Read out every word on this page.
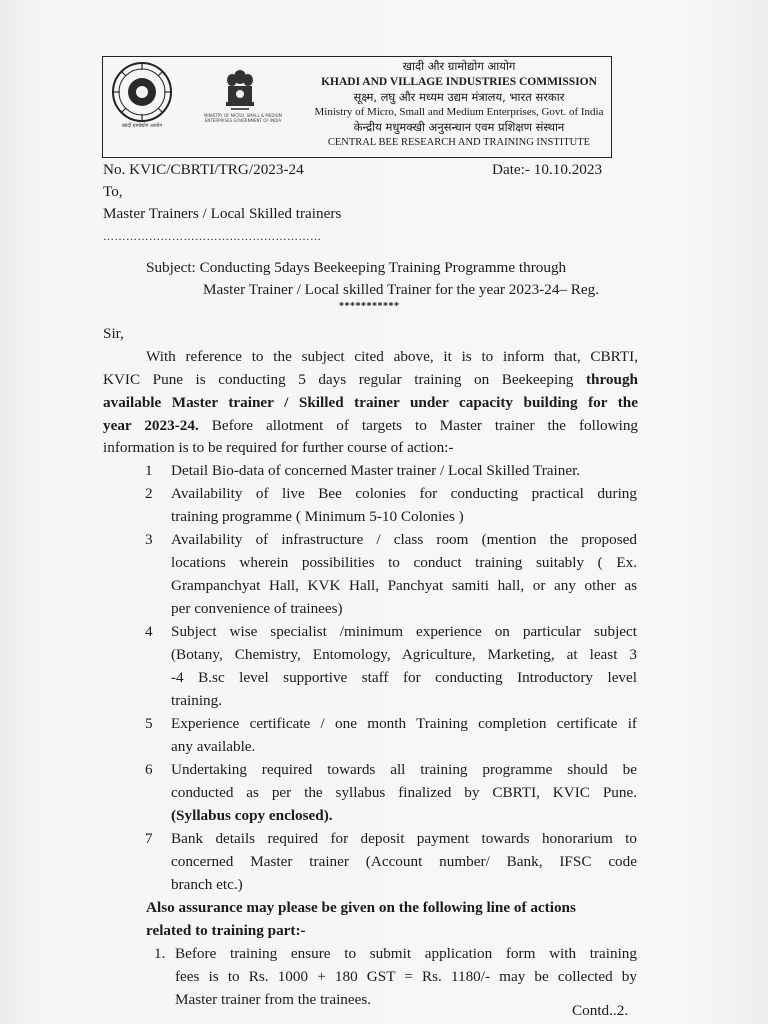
खादी ग्रामोद्योग आयोग
MINISTRY OF MICRO, SMALL & MEDIUM ENTERPRISES GOVERNMENT OF INDIA
खादी और ग्रामोद्योग आयोग
KHADI AND VILLAGE INDUSTRIES COMMISSION
सूक्ष्म, लघु और मध्यम उद्यम मंत्रालय, भारत सरकार
Ministry of Micro, Small and Medium Enterprises, Govt. of India
केन्द्रीय मधुमक्खी अनुसन्धान एवम प्रशिक्षण संस्थान
CENTRAL BEE RESEARCH AND TRAINING INSTITUTE
No. KVIC/CBRTI/TRG/2023-24	Date:- 10.10.2023
To,
Master Trainers / Local Skilled trainers
…………………………………………………
Subject: Conducting 5days Beekeeping Training Programme through
Master Trainer / Local skilled Trainer for the year 2023-24– Reg.
***********
Sir,
With reference to the subject cited above, it is to inform that, CBRTI,
KVIC Pune is conducting 5 days regular training on Beekeeping through
available Master trainer / Skilled trainer under capacity building for the
year 2023-24. Before allotment of targets to Master trainer the following
information is to be required for further course of action:-
1 Detail Bio-data of concerned Master trainer / Local Skilled Trainer.
2 Availability of live Bee colonies for conducting practical during
training programme ( Minimum 5-10 Colonies )
3 Availability of infrastructure / class room (mention the proposed
locations wherein possibilities to conduct training suitably ( Ex.
Grampanchyat Hall, KVK Hall, Panchyat samiti hall, or any other as
per convenience of trainees)
4 Subject wise specialist /minimum experience on particular subject
(Botany, Chemistry, Entomology, Agriculture, Marketing, at least 3
-4 B.sc level supportive staff for conducting Introductory level
training.
5 Experience certificate / one month Training completion certificate if
any available.
6 Undertaking required towards all training programme should be
conducted as per the syllabus finalized by CBRTI, KVIC Pune.
(Syllabus copy enclosed).
7 Bank details required for deposit payment towards honorarium to
concerned Master trainer (Account number/ Bank, IFSC code
branch etc.)
Also assurance may please be given on the following line of actions
related to training part:-
1. Before training ensure to submit application form with training
fees is to Rs. 1000 + 180 GST = Rs. 1180/- may be collected by
Master trainer from the trainees.
Contd..2.
